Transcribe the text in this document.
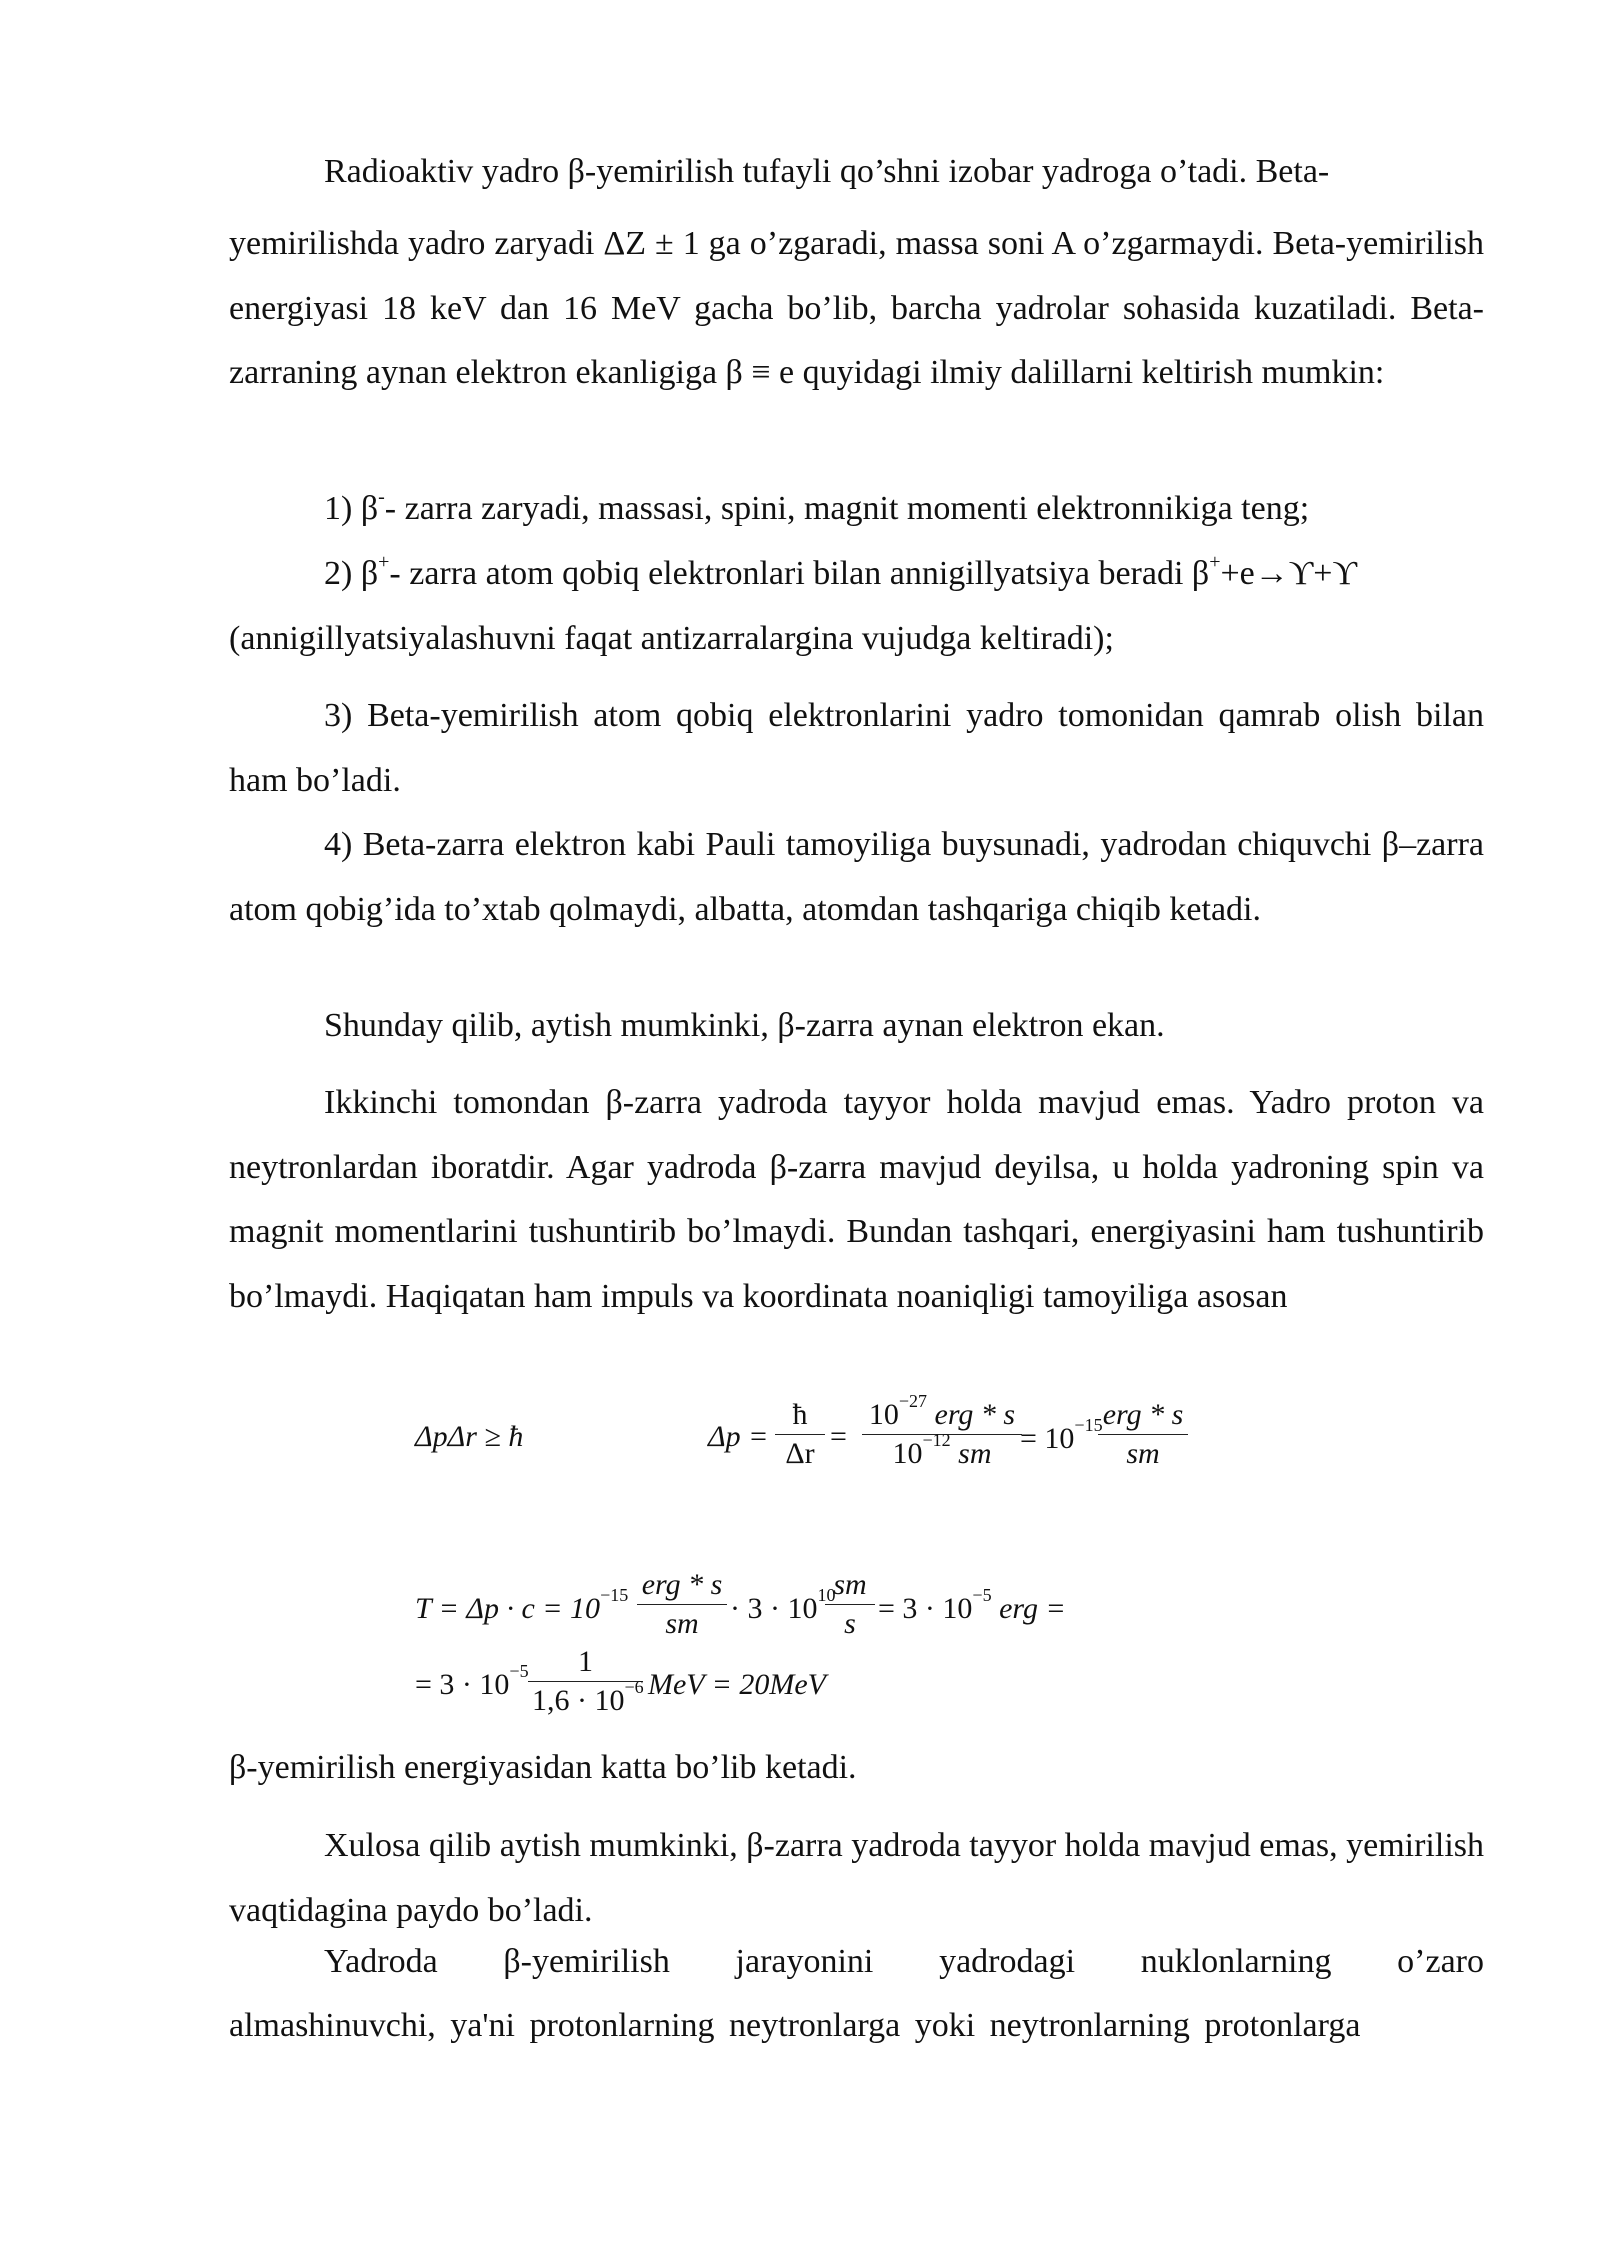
Radioaktiv yadro β-yemirilish tufayli qo’shni izobar yadroga o’tadi. Beta-
yemirilishda yadro zaryadi ΔZ ± 1 ga o’zgaradi, massa soni A o’zgarmaydi. Beta-yemirilish energiyasi 18 keV dan 16 MeV gacha bo’lib, barcha yadrolar sohasida kuzatiladi. Beta-zarraning aynan elektron ekanligiga β ≡ e quyidagi ilmiy dalillarni keltirish mumkin:
1) β-- zarra zaryadi, massasi, spini, magnit momenti elektronnikiga teng;
2) β+- zarra atom qobiq elektronlari bilan annigillyatsiya beradi β++e→ϒ+ϒ
(annigillyatsiyalashuvni faqat antizarralargina vujudga keltiradi);
3) Beta-yemirilish atom qobiq elektronlarini yadro tomonidan qamrab olish bilan ham bo’ladi.
4) Beta-zarra elektron kabi Pauli tamoyiliga buysunadi, yadrodan chiquvchi β–zarra atom qobig’ida to’xtab qolmaydi, albatta, atomdan tashqariga chiqib ketadi.
Shunday qilib, aytish mumkinki, β-zarra aynan elektron ekan.
Ikkinchi tomondan β-zarra yadroda tayyor holda mavjud emas. Yadro proton va neytronlardan iboratdir. Agar yadroda β-zarra mavjud deyilsa, u holda yadroning spin va magnit momentlarini tushuntirib bo’lmaydi. Bundan tashqari, energiyasini ham tushuntirib bo’lmaydi. Haqiqatan ham impuls va koordinata noaniqligi tamoyiliga asosan
ΔpΔr ≥ ħ	Δp =
ħ
Δr
=
$10^{-27}$ erg * s
$10^{-12}$ sm = $10^{-15}$ erg * s
sm
$T = \Delta p \cdot c = 10^{-15}$ erg * s
sm	· $3 \cdot 10^{10}$
sm
$s = 3 \cdot 10^{-5}$ erg =
= $3 \cdot 10^{-5}$	1
$1,6 \cdot 10^{-6}$ MeV = 20MeV
β-yemirilish energiyasidan katta bo’lib ketadi.
Xulosa qilib aytish mumkinki, β-zarra yadroda tayyor holda mavjud emas, yemirilish vaqtidagina paydo bo’ladi.
Yadroda β-yemirilish jarayonini yadrodagi nuklonlarning o’zaro
almashinuvchi, ya'ni protonlarning neytronlarga yoki neytronlarning protonlarga
